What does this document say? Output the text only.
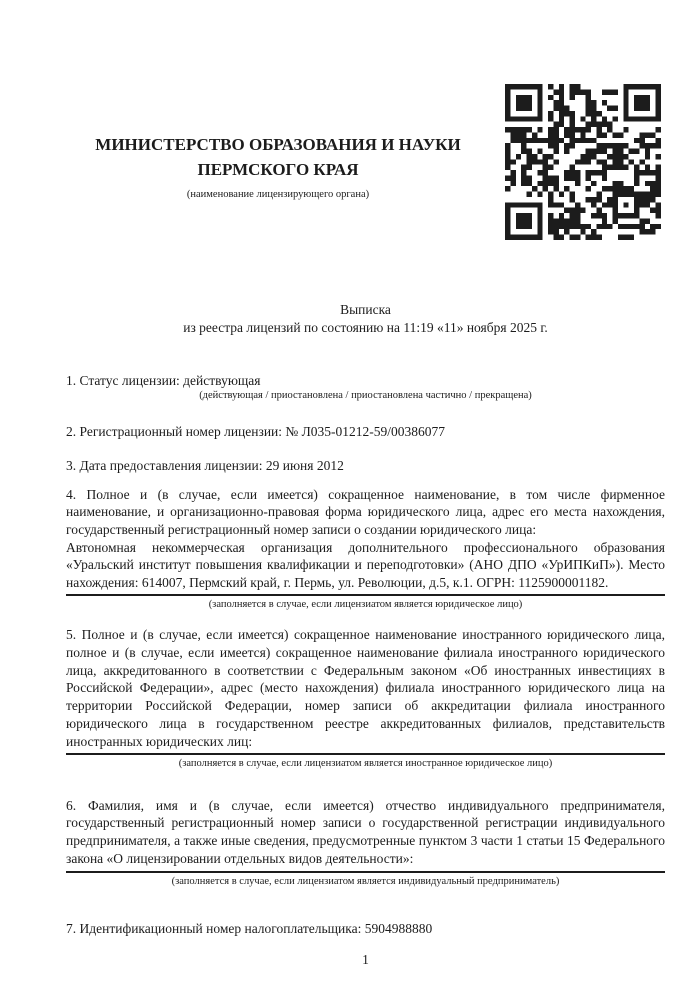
МИНИСТЕРСТВО ОБРАЗОВАНИЯ И НАУКИ ПЕРМСКОГО КРАЯ
(наименование лицензирующего органа)
Выписка
из реестра лицензий по состоянию на 11:19 «11» ноября 2025 г.

1. Статус лицензии: действующая

(действующая / приостановлена / приостановлена частично / прекращена)

2. Регистрационный номер лицензии: № Л035-01212-59/00386077

3. Дата предоставления лицензии: 29 июня 2012

4. Полное и (в случае, если имеется) сокращенное наименование, в том числе фирменное наименование, и организационно-правовая форма юридического лица, адрес его места нахождения, государственный регистрационный номер записи о создании юридического лица:

Автономная некоммерческая организация дополнительного профессионального образования «Уральский институт повышения квалификации и переподготовки» (АНО ДПО «УрИПКиП»). Место нахождения: 614007, Пермский край, г. Пермь, ул. Революции, д.5, к.1. ОГРН: 1125900001182.

(заполняется в случае, если лицензиатом является юридическое лицо)

5. Полное и (в случае, если имеется) сокращенное наименование иностранного юридического лица, полное и (в случае, если имеется) сокращенное наименование филиала иностранного юридического лица, аккредитованного в соответствии с Федеральным законом «Об иностранных инвестициях в Российской Федерации», адрес (место нахождения) филиала иностранного юридического лица на территории Российской Федерации, номер записи об аккредитации филиала иностранного юридического лица в государственном реестре аккредитованных филиалов, представительств иностранных юридических лиц:

(заполняется в случае, если лицензиатом является иностранное юридическое лицо)

6. Фамилия, имя и (в случае, если имеется) отчество индивидуального предпринимателя, государственный регистрационный номер записи о государственной регистрации индивидуального предпринимателя, а также иные сведения, предусмотренные пунктом 3 части 1 статьи 15 Федерального закона «О лицензировании отдельных видов деятельности»:

(заполняется в случае, если лицензиатом является индивидуальный предприниматель)

7. Идентификационный номер налогоплательщика: 5904988880

1
